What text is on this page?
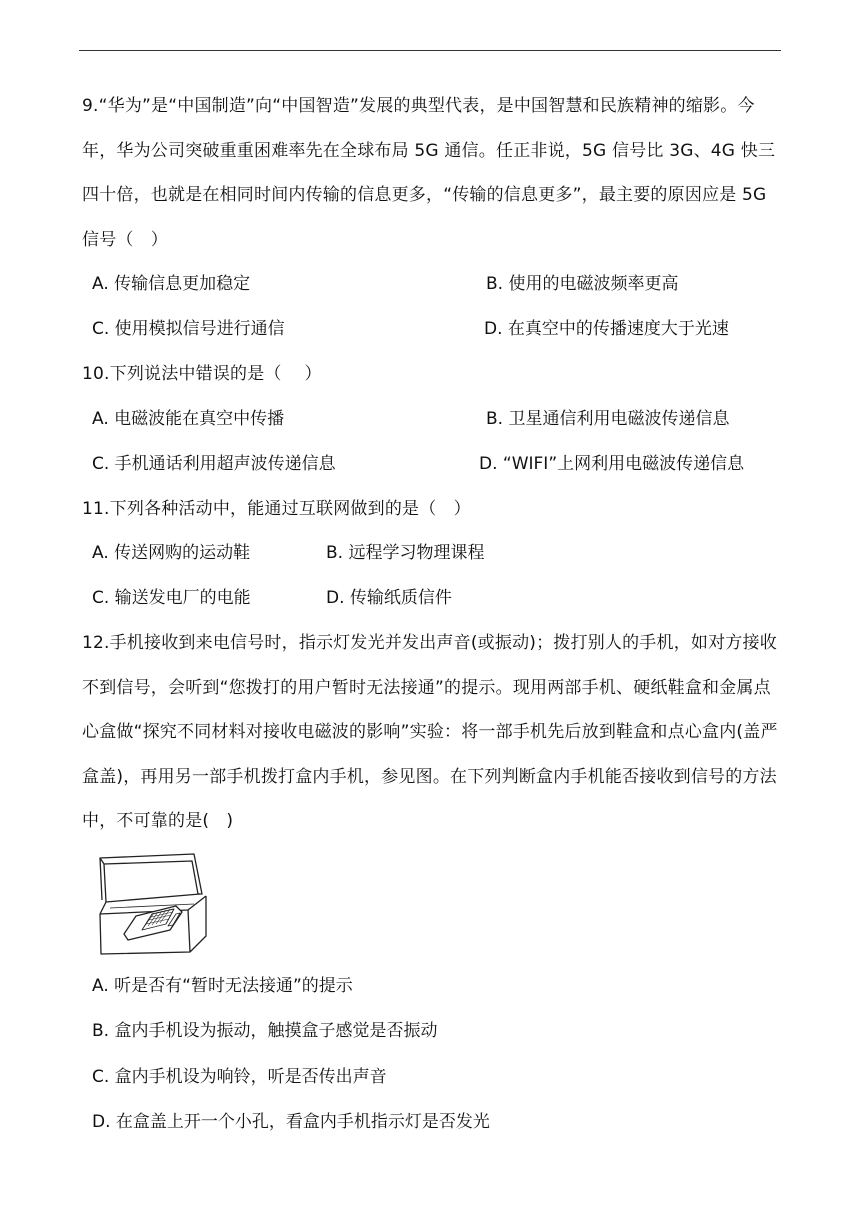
9.“华为”是“中国制造”向“中国智造”发展的典型代表，是中国智慧和民族精神的缩影。今年，华为公司突破重重困难率先在全球布局 5G 通信。任正非说，5G 信号比 3G、4G 快三四十倍，也就是在相同时间内传输的信息更多，“传输的信息更多”，最主要的原因应是 5G 信号（　）

A. 传输信息更加稳定	B. 使用的电磁波频率更高
C. 使用模拟信号进行通信	D. 在真空中的传播速度大于光速

10.下列说法中错误的是（　 ）

A. 电磁波能在真空中传播	B. 卫星通信利用电磁波传递信息
C. 手机通话利用超声波传递信息	D. “WIFI”上网利用电磁波传递信息

11.下列各种活动中，能通过互联网做到的是（　）

A. 传送网购的运动鞋	B. 远程学习物理课程
C. 输送发电厂的电能	D. 传输纸质信件

12.手机接收到来电信号时，指示灯发光并发出声音(或振动)；拨打别人的手机，如对方接收不到信号，会听到“您拨打的用户暂时无法接通”的提示。现用两部手机、硬纸鞋盒和金属点心盒做“探究不同材料对接收电磁波的影响”实验：将一部手机先后放到鞋盒和点心盒内(盖严盒盖)，再用另一部手机拨打盒内手机，参见图。在下列判断盒内手机能否接收到信号的方法中，不可靠的是(　)

A. 听是否有“暂时无法接通”的提示
B. 盒内手机设为振动，触摸盒子感觉是否振动
C. 盒内手机设为响铃，听是否传出声音
D. 在盒盖上开一个小孔，看盒内手机指示灯是否发光
